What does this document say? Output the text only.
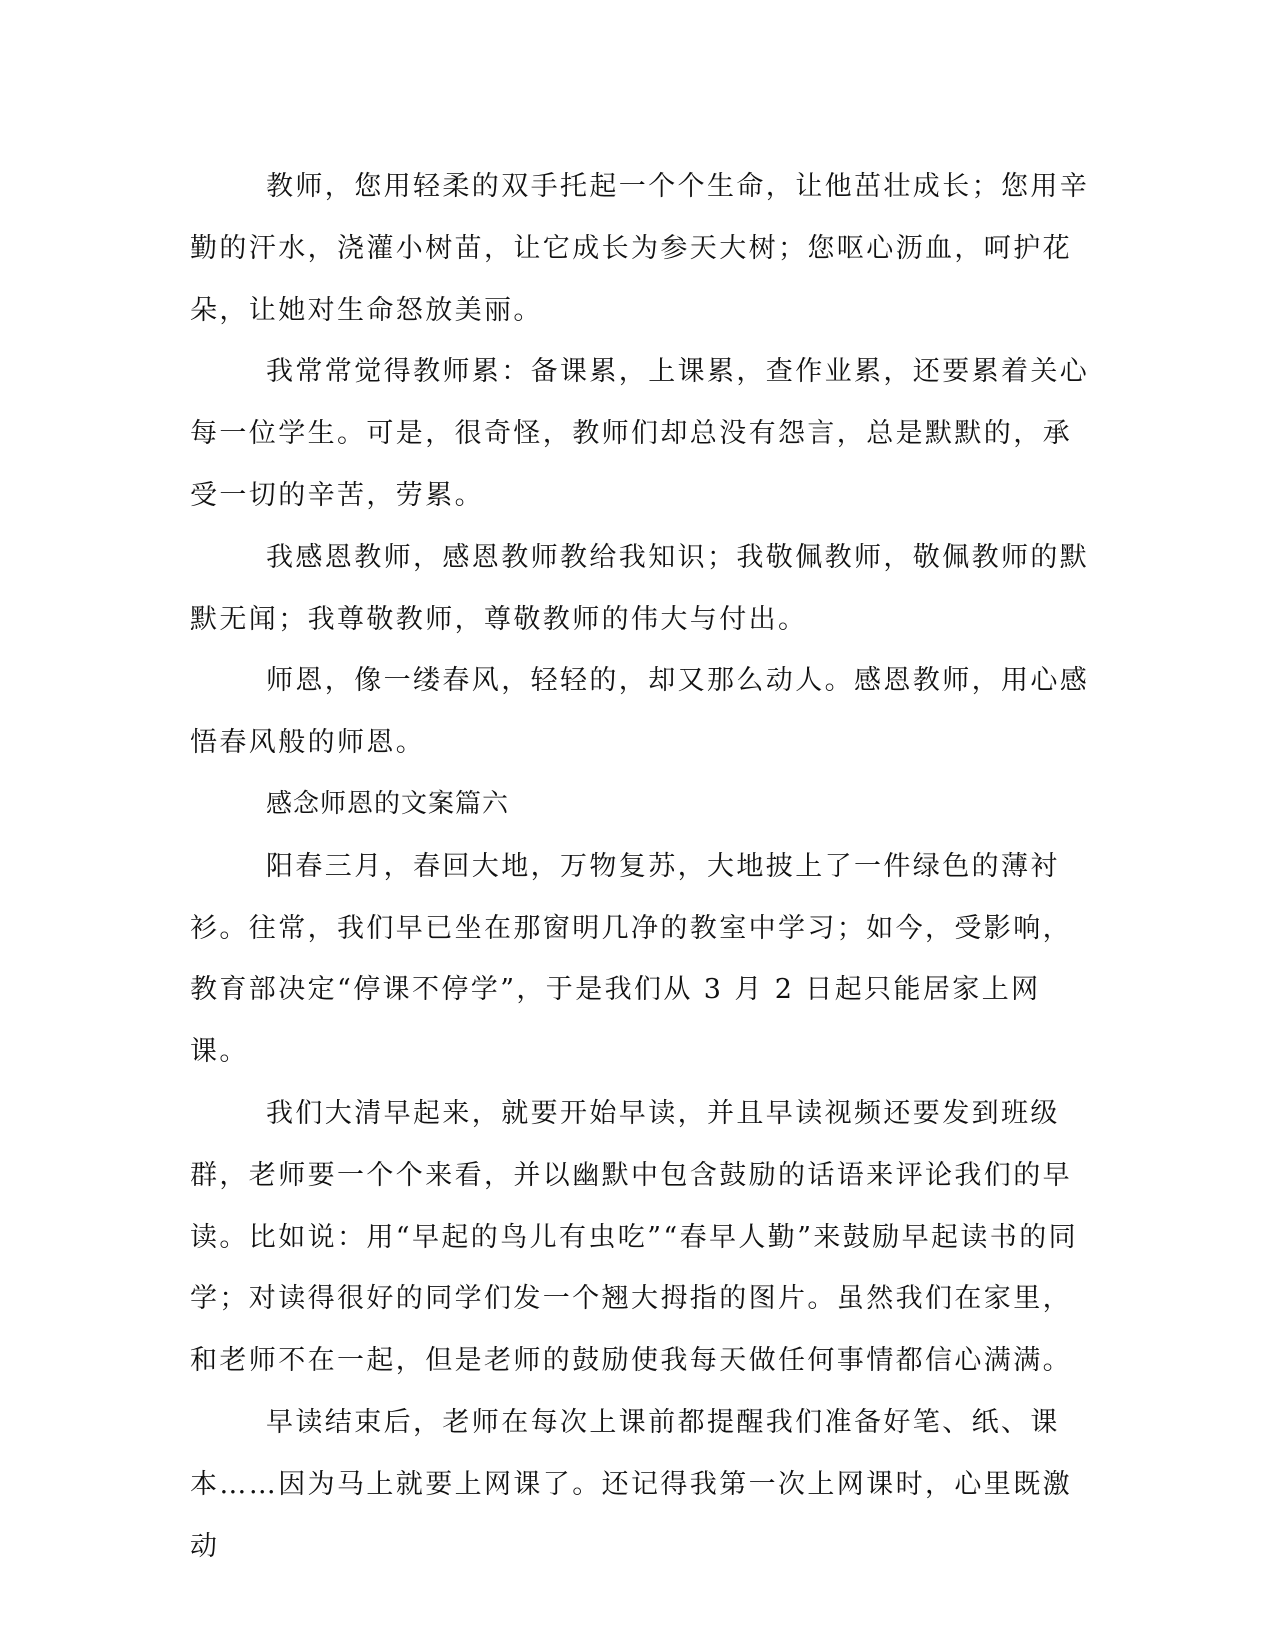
教师，您用轻柔的双手托起一个个生命，让他茁壮成长；您用辛勤的汗水，浇灌小树苗，让它成长为参天大树；您呕心沥血，呵护花朵，让她对生命怒放美丽。

我常常觉得教师累：备课累，上课累，查作业累，还要累着关心每一位学生。可是，很奇怪，教师们却总没有怨言，总是默默的，承受一切的辛苦，劳累。

我感恩教师，感恩教师教给我知识；我敬佩教师，敬佩教师的默默无闻；我尊敬教师，尊敬教师的伟大与付出。

师恩，像一缕春风，轻轻的，却又那么动人。感恩教师，用心感悟春风般的师恩。

感念师恩的文案篇六

阳春三月，春回大地，万物复苏，大地披上了一件绿色的薄衬衫。往常，我们早已坐在那窗明几净的教室中学习；如今，受影响，教育部决定“停课不停学”，于是我们从 3 月 2 日起只能居家上网课。

我们大清早起来，就要开始早读，并且早读视频还要发到班级群，老师要一个个来看，并以幽默中包含鼓励的话语来评论我们的早读。比如说：用“早起的鸟儿有虫吃”“春早人勤”来鼓励早起读书的同学；对读得很好的同学们发一个翘大拇指的图片。虽然我们在家里，和老师不在一起，但是老师的鼓励使我每天做任何事情都信心满满。

早读结束后，老师在每次上课前都提醒我们准备好笔、纸、课本……因为马上就要上网课了。还记得我第一次上网课时，心里既激动
